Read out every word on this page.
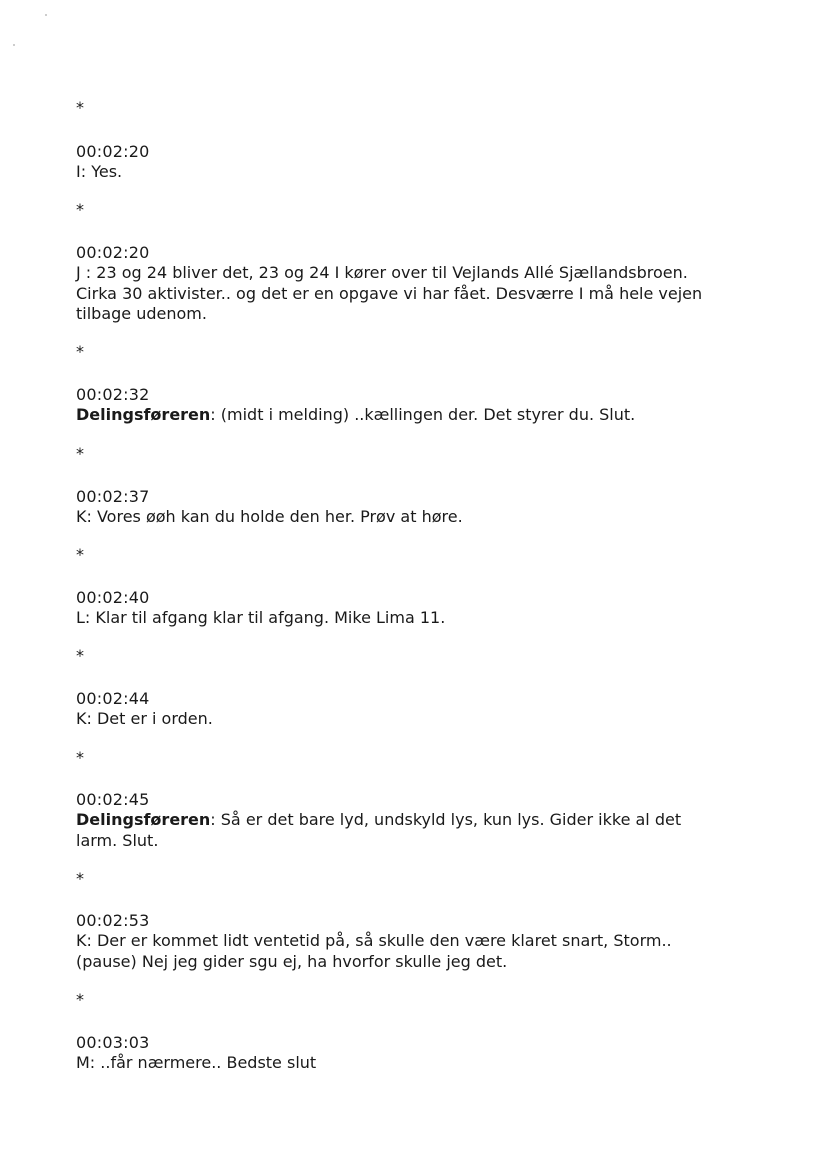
*

00:02:20

I: Yes.

*

00:02:20

J : 23 og 24 bliver det, 23 og 24 I kører over til Vejlands Allé Sjællandsbroen.
Cirka 30 aktivister.. og det er en opgave vi har fået. Desværre I må hele vejen
tilbage udenom.

*

00:02:32

Delingsføreren: (midt i melding) ..kællingen der. Det styrer du. Slut.

*

00:02:37

K: Vores øøh kan du holde den her. Prøv at høre.

*

00:02:40

L: Klar til afgang klar til afgang. Mike Lima 11.

*

00:02:44

K: Det er i orden.

*

00:02:45

Delingsføreren: Så er det bare lyd, undskyld lys, kun lys. Gider ikke al det
larm. Slut.

*

00:02:53

K: Der er kommet lidt ventetid på, så skulle den være klaret snart, Storm..
(pause) Nej jeg gider sgu ej, ha hvorfor skulle jeg det.

*

00:03:03

M: ..får nærmere.. Bedste slut
